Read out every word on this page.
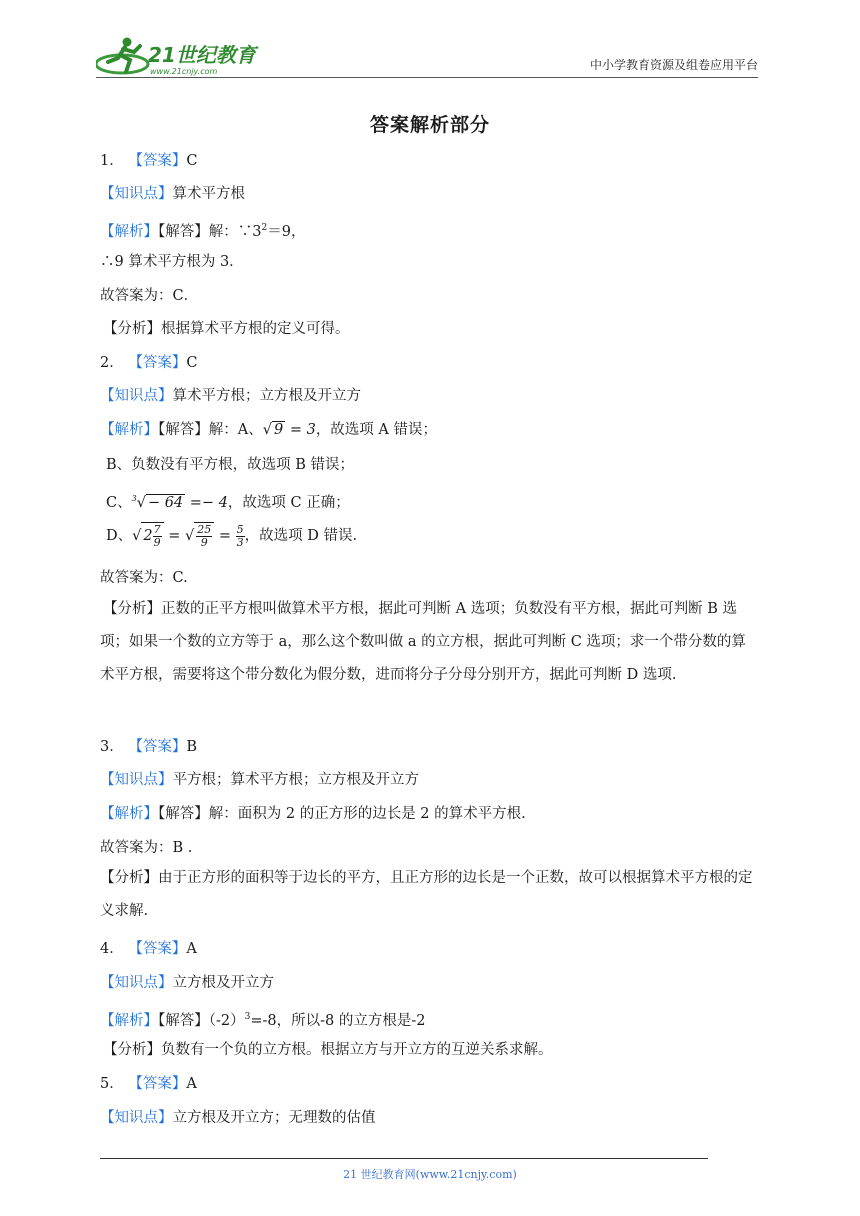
21世纪教育
www.21cnjy.com	中小学教育资源及组卷应用平台
答案解析部分

1． 【答案】C

【知识点】算术平方根

【解析】【解答】解：$\because 3^2=9$，

∴9 算术平方根为 3．

故答案为：C．

【分析】根据算术平方根的定义可得。

2． 【答案】C

【知识点】算术平方根；立方根及开立方

【解析】【解答】解：A、√ 9 = 3，故选项 A 错误；

B、负数没有平方根，故选项 B 错误；

C、$^3$√ − 64 =− 4，故选项 C 正确；

D、√ $2 \frac{7}{9}$ = √ $\frac{25}{9} = \frac{5}{3}$ ，故选项 D 错误.

故答案为：C.

【分析】正数的正平方根叫做算术平方根，据此可判断 A 选项；负数没有平方根，据此可判断 B 选项；如果一个数的立方等于 a，那么这个数叫做 a 的立方根，据此可判断 C 选项；求一个带分数的算术平方根，需要将这个带分数化为假分数，进而将分子分母分别开方，据此可判断 D 选项.

3． 【答案】B

【知识点】平方根；算术平方根；立方根及开立方

【解析】【解答】解：面积为 2 的正方形的边长是 2 的算术平方根.

故答案为：B .

【分析】由于正方形的面积等于边长的平方，且正方形的边长是一个正数，故可以根据算术平方根的定义求解.

4． 【答案】A

【知识点】立方根及开立方

【解析】【解答】$(-2)^3=-8$，所以-8 的立方根是-2

【分析】负数有一个负的立方根。根据立方与开立方的互逆关系求解。

5． 【答案】A

【知识点】立方根及开立方；无理数的估值

21 世纪教育网(www.21cnjy.com)
